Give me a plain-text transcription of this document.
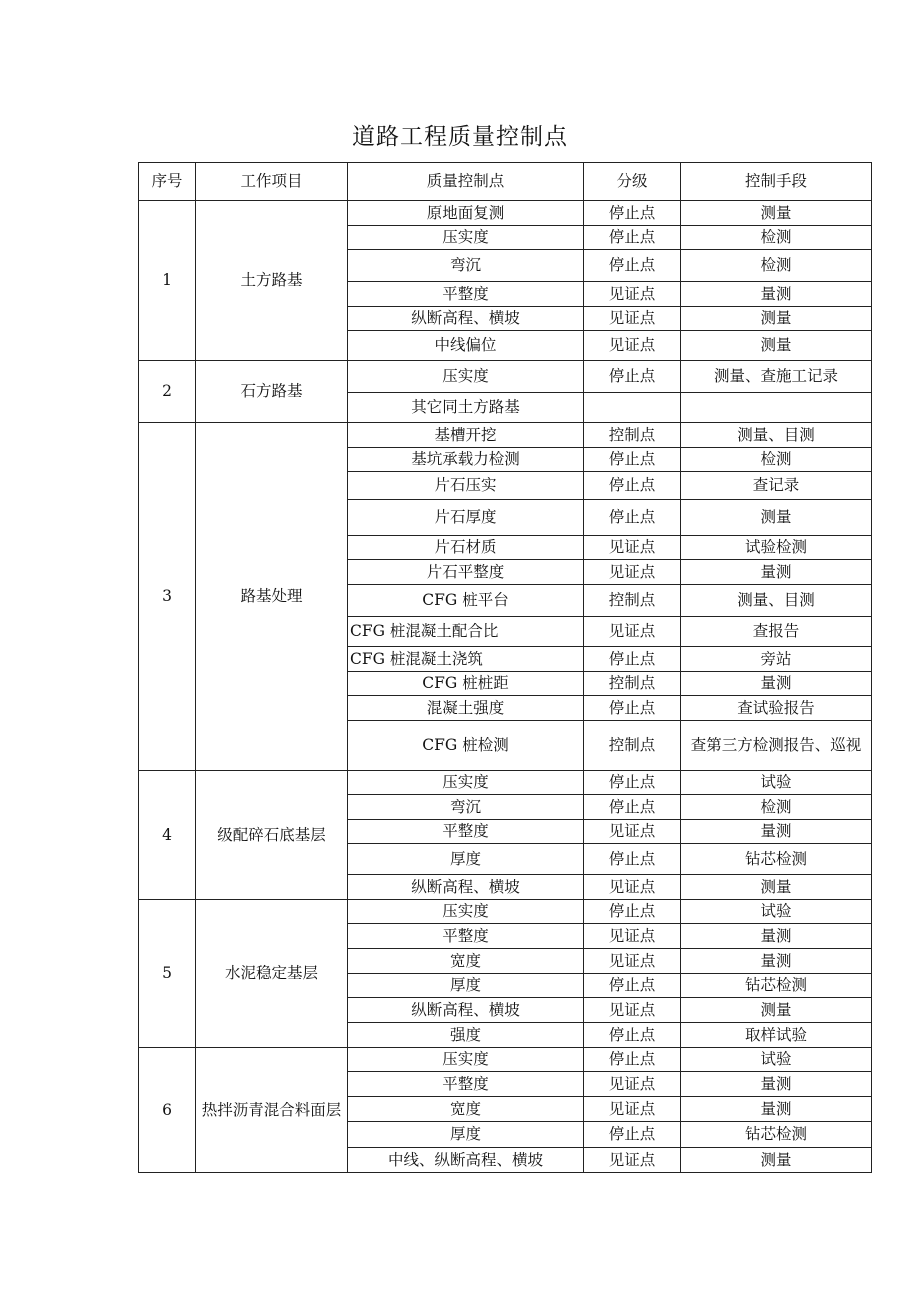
道路工程质量控制点
序号	工作项目	质量控制点	分级	控制手段
1	土方路基	原地面复测	停止点	测量
		压实度	停止点	检测
		弯沉	停止点	检测
		平整度	见证点	量测
		纵断高程、横坡	见证点	测量
		中线偏位	见证点	测量
2	石方路基	压实度	停止点	测量、查施工记录
		其它同土方路基		
3	路基处理	基槽开挖	控制点	测量、目测
		基坑承载力检测	停止点	检测
		片石压实	停止点	查记录
		片石厚度	停止点	测量
		片石材质	见证点	试验检测
		片石平整度	见证点	量测
		CFG 桩平台	控制点	测量、目测
		CFG 桩混凝土配合比	见证点	查报告
		CFG 桩混凝土浇筑	停止点	旁站
		CFG 桩桩距	控制点	量测
		混凝土强度	停止点	查试验报告
		CFG 桩检测	控制点	查第三方检测报告、巡视
4	级配碎石底基层	压实度	停止点	试验
		弯沉	停止点	检测
		平整度	见证点	量测
		厚度	停止点	钻芯检测
		纵断高程、横坡	见证点	测量
5	水泥稳定基层	压实度	停止点	试验
		平整度	见证点	量测
		宽度	见证点	量测
		厚度	停止点	钻芯检测
		纵断高程、横坡	见证点	测量
		强度	停止点	取样试验
6	热拌沥青混合料面层	压实度	停止点	试验
		平整度	见证点	量测
		宽度	见证点	量测
		厚度	停止点	钻芯检测
		中线、纵断高程、横坡	见证点	测量
